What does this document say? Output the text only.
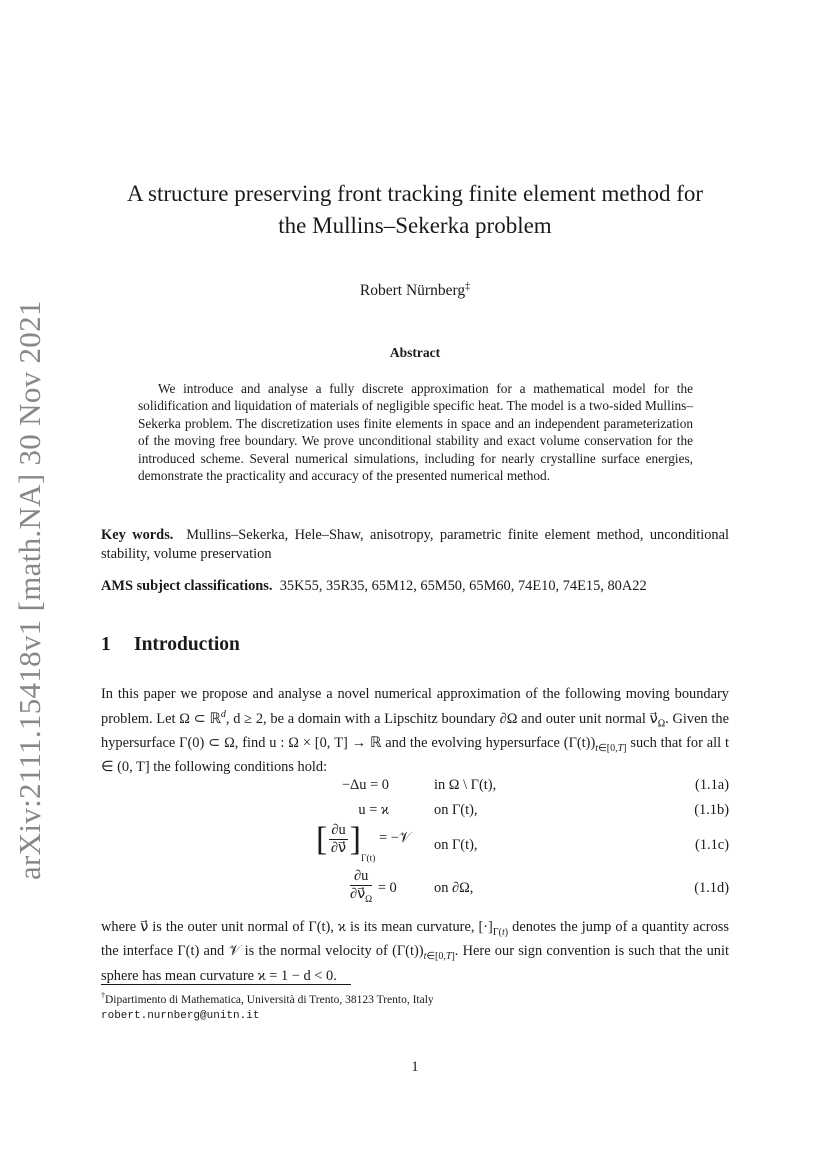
arXiv:2111.15418v1 [math.NA] 30 Nov 2021
A structure preserving front tracking finite element method for
the Mullins–Sekerka problem
Robert Nürnberg‡
Abstract
We introduce and analyse a fully discrete approximation for a mathematical model for the solidification and liquidation of materials of negligible specific heat. The model is a two-sided Mullins–Sekerka problem. The discretization uses finite elements in space and an independent parameterization of the moving free boundary. We prove unconditional stability and exact volume conservation for the introduced scheme. Several numerical simulations, including for nearly crystalline surface energies, demonstrate the practicality and accuracy of the presented numerical method.
Key words. Mullins–Sekerka, Hele–Shaw, anisotropy, parametric finite element method, unconditional stability, volume preservation
AMS subject classifications. 35K55, 35R35, 65M12, 65M50, 65M60, 74E10, 74E15, 80A22
1 Introduction
In this paper we propose and analyse a novel numerical approximation of the following moving boundary problem. Let Ω ⊂ ℝ$^d$, d ≥ 2, be a domain with a Lipschitz boundary ∂Ω and outer unit normal $\nu⃗_\Omega$. Given the hypersurface Γ(0) ⊂ Ω, find u : Ω × [0, T] → ℝ and the evolving hypersurface $(\Gamma(t))_{t\in[0,T]}$ such that for all t ∈ (0, T] the following conditions hold:
−Δu = 0	in Ω \ Γ(t),	(1.1a)
u = ϰ	on Γ(t),	(1.1b)
[ $\frac{\partial u}{\partial\nu⃗} ]_{\Gamma(t)}$ = −𝒱 on Γ(t),	(1.1c)
$\frac{\partial u}{\partial\nu⃗_\Omega} = 0$	on ∂Ω,	(1.1d)
where ν⃗ is the outer unit normal of Γ(t), ϰ is its mean curvature, $[\cdot]_{\Gamma(t)}$ denotes the jump of a quantity across the interface Γ(t) and 𝒱 is the normal velocity of $(\Gamma(t))_{t\in[0,T]}$. Here our sign convention is such that the unit sphere has mean curvature ϰ = 1 − d < 0.
†Dipartimento di Mathematica, Università di Trento, 38123 Trento, Italy
robert.nurnberg@unitn.it
1
